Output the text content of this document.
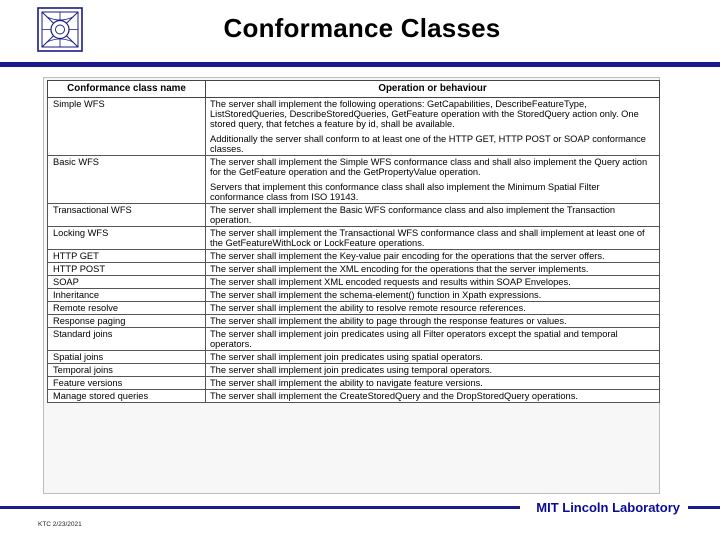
Conformance Classes
Conformance class name	Operation or behaviour
Simple WFS	The server shall implement the following operations: GetCapabilities, DescribeFeatureType, ListStoredQueries, DescribeStoredQueries, GetFeature operation with the StoredQuery action only. One stored query, that fetches a feature by id, shall be available.

Additionally the server shall conform to at least one of the HTTP GET, HTTP POST or SOAP conformance classes.

Basic WFS	The server shall implement the Simple WFS conformance class and shall also implement the Query action for the GetFeature operation and the GetPropertyValue operation.

Servers that implement this conformance class shall also implement the Minimum Spatial Filter conformance class from ISO 19143.

Transactional WFS	The server shall implement the Basic WFS conformance class and also implement the Transaction operation.

Locking WFS	The server shall implement the Transactional WFS conformance class and shall implement at least one of the GetFeatureWithLock or LockFeature operations.

HTTP GET	The server shall implement the Key-value pair encoding for the operations that the server offers.

HTTP POST	The server shall implement the XML encoding for the operations that the server implements.

SOAP	The server shall implement XML encoded requests and results within SOAP Envelopes.

Inheritance	The server shall implement the schema-element() function in Xpath expressions.

Remote resolve	The server shall implement the ability to resolve remote resource references.

Response paging	The server shall implement the ability to page through the response features or values.

Standard joins	The server shall implement join predicates using all Filter operators except the spatial and temporal operators.

Spatial joins	The server shall implement join predicates using spatial operators.

Temporal joins	The server shall implement join predicates using temporal operators.

Feature versions	The server shall implement the ability to navigate feature versions.

Manage stored queries	The server shall implement the CreateStoredQuery and the DropStoredQuery operations.

MIT Lincoln Laboratory
KTC 2/23/2021
